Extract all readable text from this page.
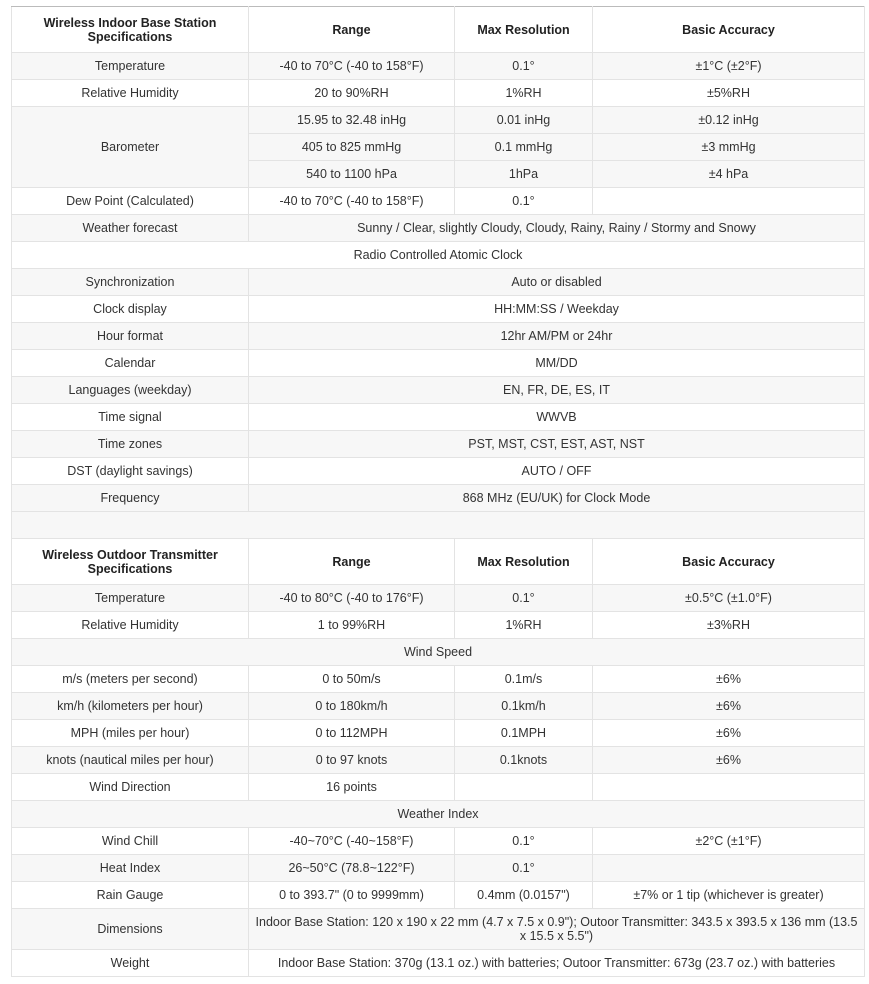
Wireless Indoor Base Station Specifications	Range	Max Resolution	Basic Accuracy
Temperature	-40 to 70°C (-40 to 158°F)	0.1°	±1°C (±2°F)
Relative Humidity	20 to 90%RH	1%RH	±5%RH
Barometer	15.95 to 32.48 inHg	0.01 inHg	±0.12 inHg
	405 to 825 mmHg	0.1 mmHg	±3 mmHg
	540 to 1100 hPa	1hPa	±4 hPa
Dew Point (Calculated)	-40 to 70°C (-40 to 158°F)	0.1°	
Weather forecast	Sunny / Clear, slightly Cloudy, Cloudy, Rainy, Rainy / Stormy and Snowy		
Radio Controlled Atomic Clock			
Synchronization	Auto or disabled		
Clock display	HH:MM:SS / Weekday		
Hour format	12hr AM/PM or 24hr		
Calendar	MM/DD		
Languages (weekday)	EN, FR, DE, ES, IT		
Time signal	WWVB		
Time zones	PST, MST, CST, EST, AST, NST		
DST (daylight savings)	AUTO / OFF		
Frequency	868 MHz (EU/UK) for Clock Mode		

Wireless Outdoor Transmitter Specifications	Range	Max Resolution	Basic Accuracy
Temperature	-40 to 80°C (-40 to 176°F)	0.1°	±0.5°C (±1.0°F)
Relative Humidity	1 to 99%RH	1%RH	±3%RH
Wind Speed			
m/s (meters per second)	0 to 50m/s	0.1m/s	±6%
km/h (kilometers per hour)	0 to 180km/h	0.1km/h	±6%
MPH (miles per hour)	0 to 112MPH	0.1MPH	±6%
knots (nautical miles per hour)	0 to 97 knots	0.1knots	±6%
Wind Direction	16 points		
Weather Index			
Wind Chill	-40~70°C (-40~158°F)	0.1°	±2°C (±1°F)
Heat Index	26~50°C (78.8~122°F)	0.1°	
Rain Gauge	0 to 393.7" (0 to 9999mm)	0.4mm (0.0157")	±7% or 1 tip (whichever is greater)
Dimensions	Indoor Base Station: 120 x 190 x 22 mm (4.7 x 7.5 x 0.9"); Outoor Transmitter: 343.5 x 393.5 x 136 mm (13.5 x 15.5 x 5.5")		
Weight	Indoor Base Station: 370g (13.1 oz.) with batteries; Outoor Transmitter: 673g (23.7 oz.) with batteries		
